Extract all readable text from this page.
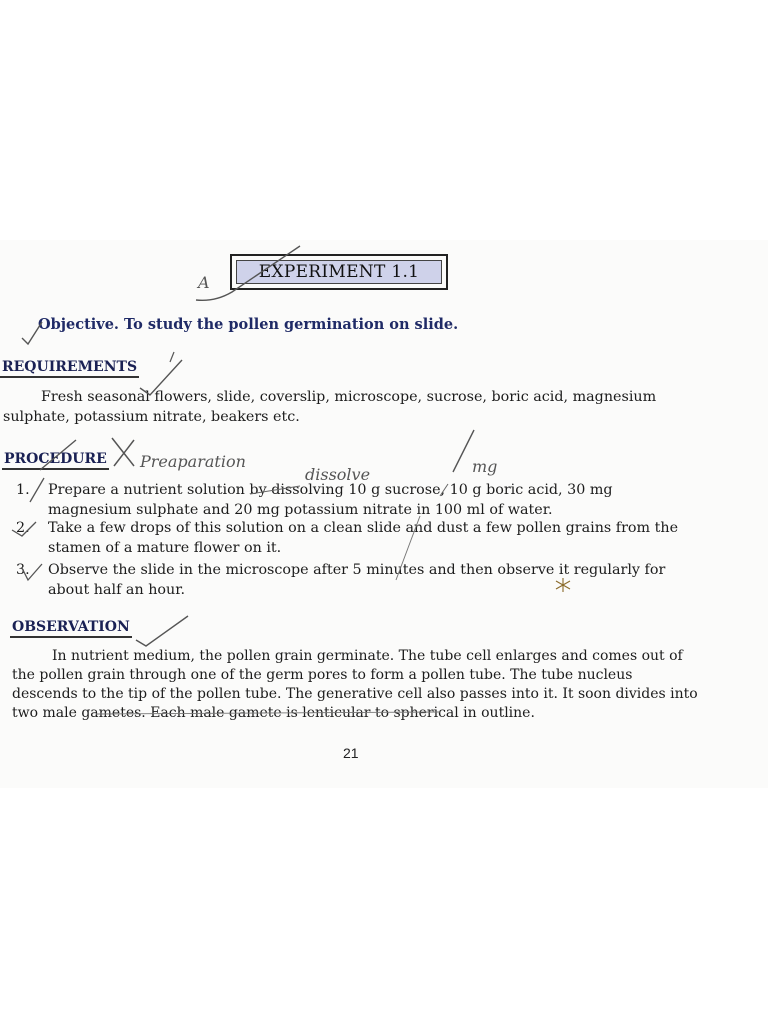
EXPERIMENT 1.1
Objective. To study the pollen germination on slide.
REQUIREMENTS
Fresh seasonal flowers, slide, coverslip, microscope, sucrose, boric acid, magnesium sulphate, potassium nitrate, beakers etc.
PROCEDURE
1. Prepare a nutrient solution by dissolving 10 g sucrose, 10 g boric acid, 30 mg magnesium sulphate and 20 mg potassium nitrate in 100 ml of water.
2. Take a few drops of this solution on a clean slide and dust a few pollen grains from the stamen of a mature flower on it.
3. Observe the slide in the microscope after 5 minutes and then observe it regularly for about half an hour.
OBSERVATION
In nutrient medium, the pollen grain germinate. The tube cell enlarges and comes out of the pollen grain through one of the germ pores to form a pollen tube. The tube nucleus descends to the tip of the pollen tube. The generative cell also passes into it. It soon divides into two male gametes. Each male gamete is lenticular to spherical in outline.
21
A
Preaparation
dissolve	mg
